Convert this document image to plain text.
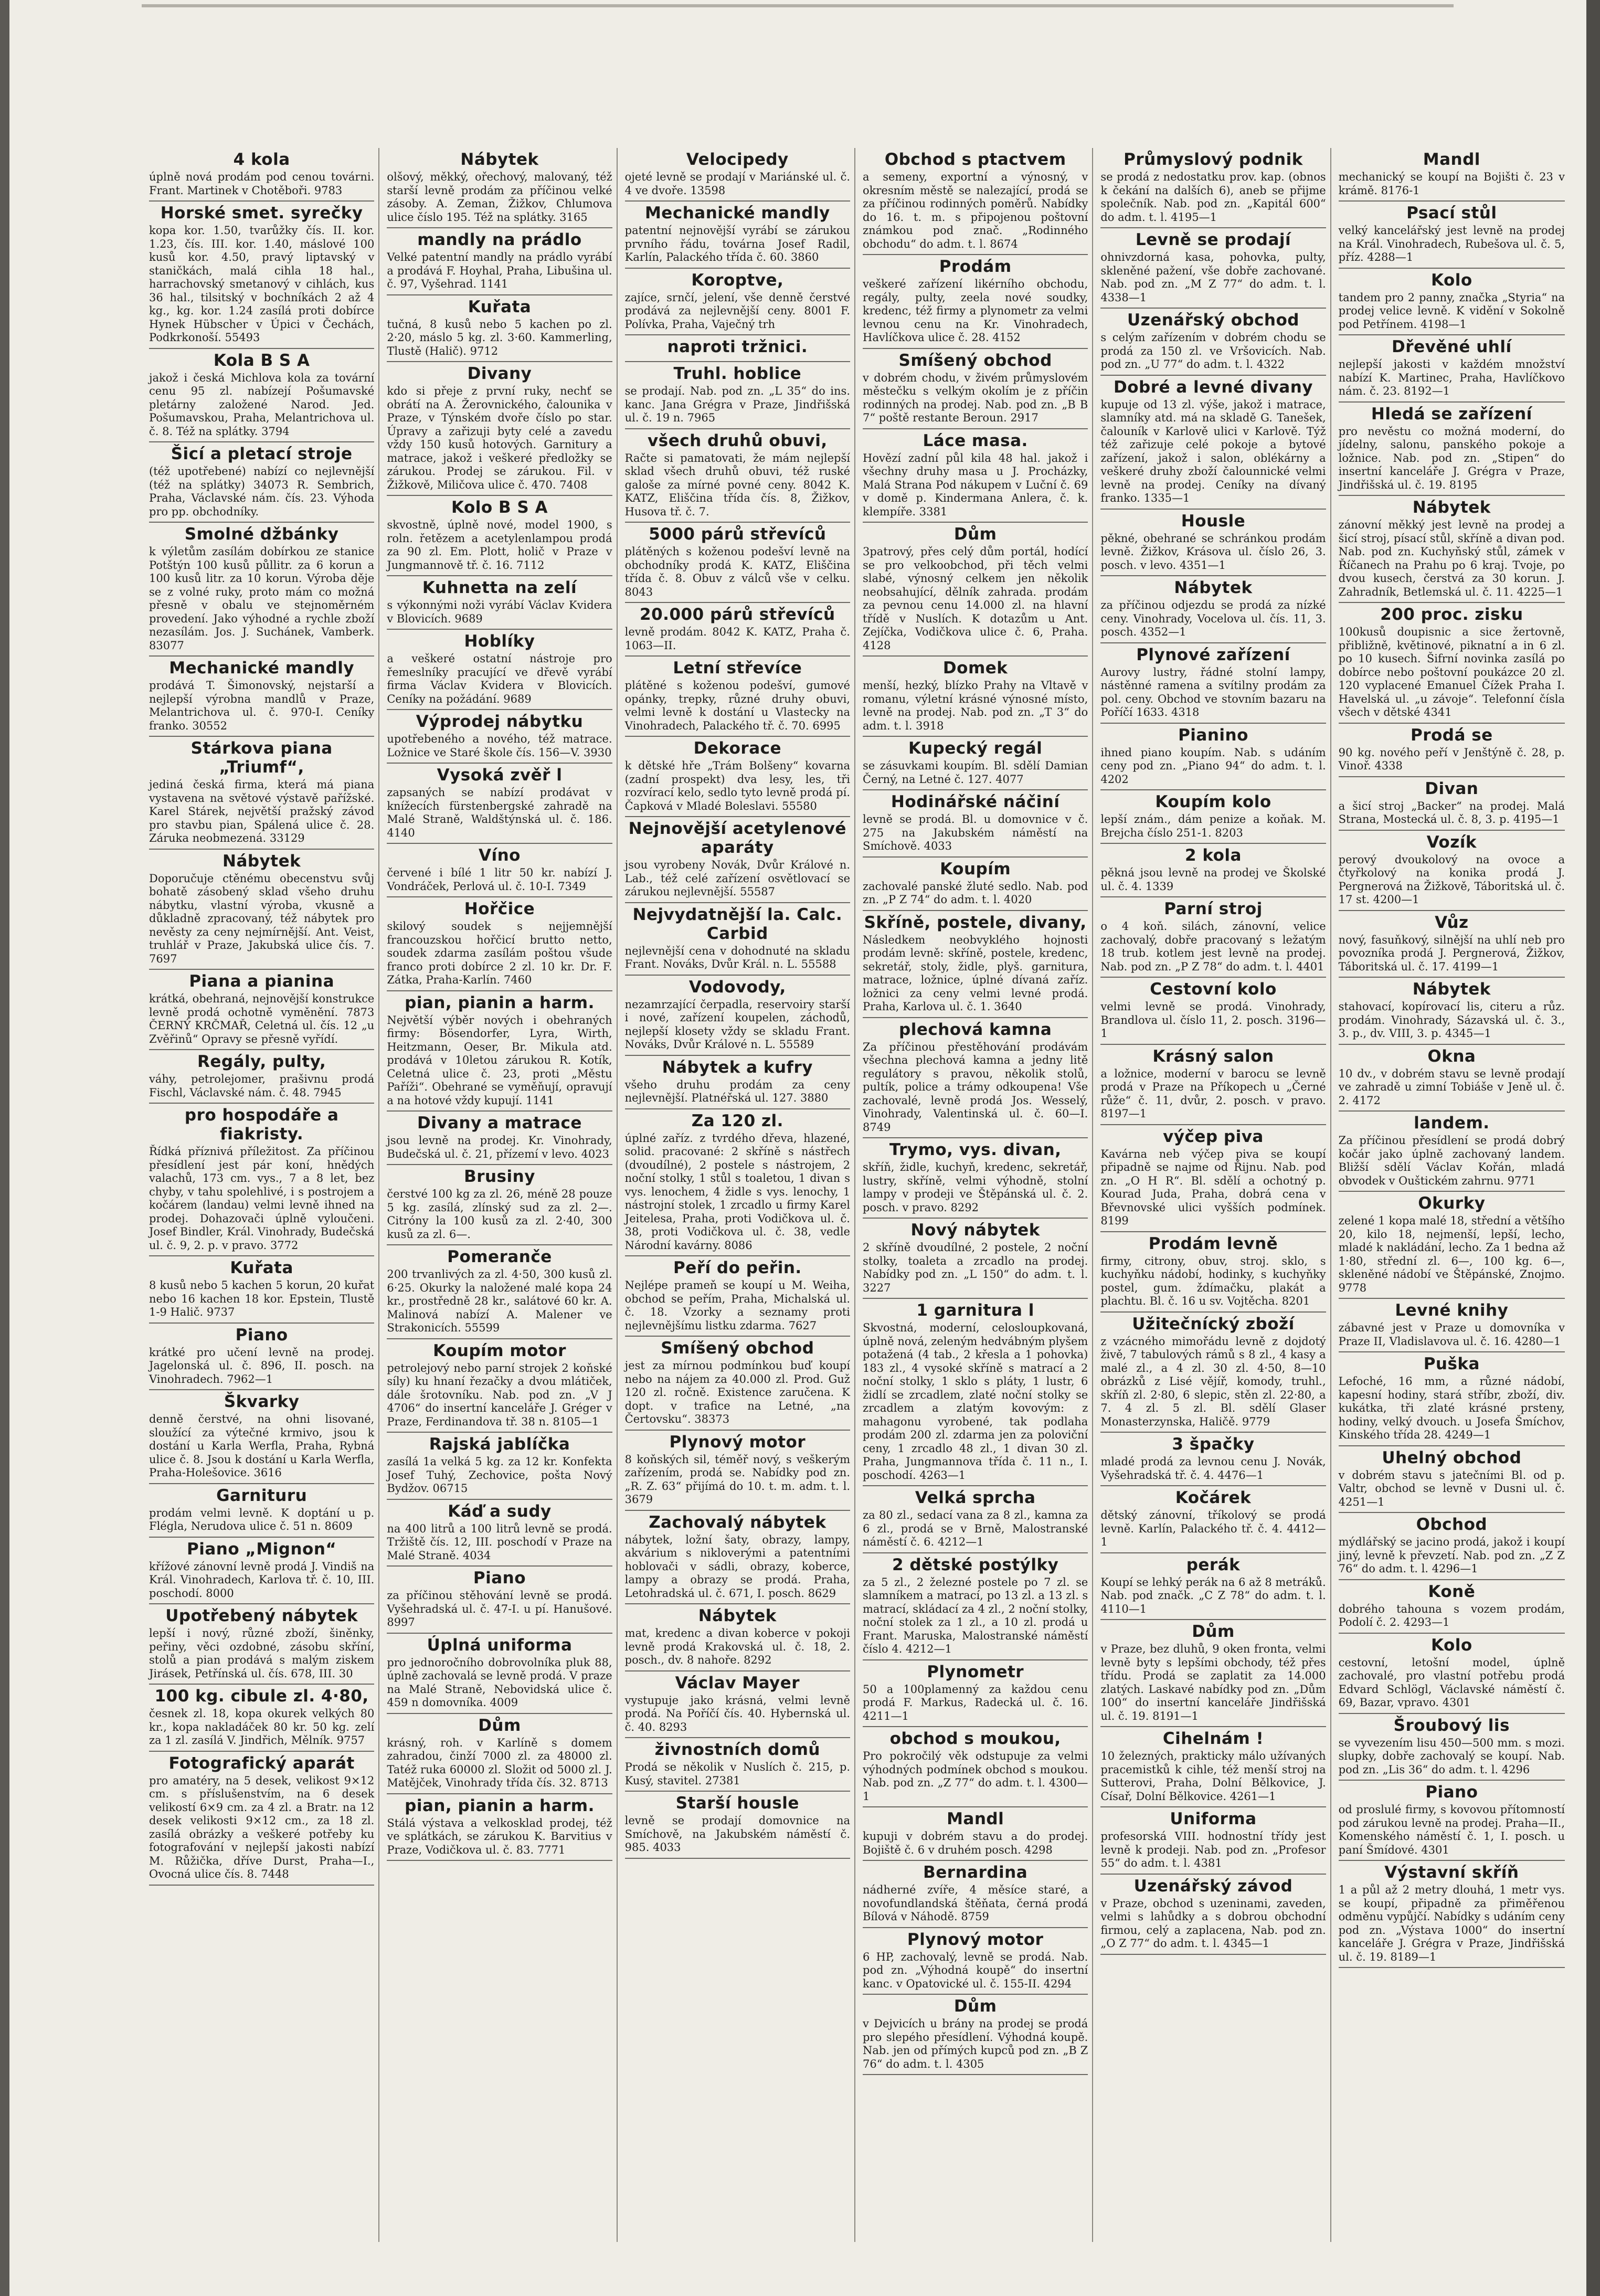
4 kola

úplně nová prodám pod cenou továrni. Frant. Martinek v Chotěboři. 9783

Horské smet. syrečky

kopa kor. 1.50, tvarůžky čís. II. kor. 1.23, čís. III. kor. 1.40, máslové 100 kusů kor. 4.50, pravý liptavský v staničkách, malá cihla 18 hal., harrachovský smetanový v cihlách, kus 36 hal., tilsitský v bochníkách 2 až 4 kg., kg. kor. 1.24 zasílá proti dobírce Hynek Hübscher v Úpici v Čechách, Podkrkonoší. 55493

Kola B S A

jakož i česká Michlova kola za tovární cenu 95 zl. nabízejí Pošumavské pletárny založené Narod. Jed. Pošumavskou, Praha, Melantrichova ul. č. 8. Též na splátky. 3794

Šicí a pletací stroje

(též upotřebené) nabízí co nejlevnější (též na splátky) 34073 R. Sembrich, Praha, Václavské nám. čís. 23. Výhoda pro pp. obchodníky.

Smolné džbánky

k výletům zasílám dobírkou ze stanice Potštýn 100 kusů půllitr. za 6 korun a 100 kusů litr. za 10 korun. Výroba děje se z volné ruky, proto mám co možná přesně v obalu ve stejnoměrném provedení. Jako výhodné a rychle zboží nezasílám. Jos. J. Suchánek, Vamberk. 83077

Mechanické mandly

prodává T. Šimonovský, nejstarší a nejlepší výrobna mandlů v Praze, Melantrichova ul. č. 970-I. Ceníky franko. 30552

Stárkova piana „Triumf“,

jediná česká firma, která má piana vystavena na světové výstavě pařížské. Karel Stárek, největší pražský závod pro stavbu pian, Spálená ulice č. 28. Záruka neobmezená. 33129

Nábytek

Doporučuje ctěnému obecenstvu svůj bohatě zásobený sklad všeho druhu nábytku, vlastní výroba, vkusně a důkladně zpracovaný, též nábytek pro nevěsty za ceny nejmírnější. Ant. Veist, truhlář v Praze, Jakubská ulice čís. 7. 7697

Piana a pianina

krátká, obehraná, nejnovější konstrukce levně prodá ochotně vyměnění. 7873 ČERNÝ KRČMAŘ, Celetná ul. čís. 12 „u Zvěřinů“ Opravy se přesně vyřídí.

Regály, pulty,

váhy, petrolejomer, prašivnu prodá Fischl, Václavské nám. č. 48. 7945

pro hospodáře a fiakristy.

Řídká příznivá příležitost. Za příčinou přesídlení jest pár koní, hnědých valachů, 173 cm. vys., 7 a 8 let, bez chyby, v tahu spolehlivé, i s postrojem a kočárem (landau) velmi levně ihned na prodej. Dohazovači úplně vyloučeni. Josef Bindler, Král. Vinohrady, Budečská ul. č. 9, 2. p. v pravo. 3772

Kuřata

8 kusů nebo 5 kachen 5 korun, 20 kuřat nebo 16 kachen 18 kor. Epstein, Tlustě 1-9 Halič. 9737

Piano

krátké pro učení levně na prodej. Jagelonská ul. č. 896, II. posch. na Vinohradech. 7962—1

Škvarky

denně čerstvé, na ohni lisované, sloužící za výtečné krmivo, jsou k dostání u Karla Werfla, Praha, Rybná ulice č. 8. Jsou k dostání u Karla Werfla, Praha-Holešovice. 3616

Garnituru

prodám velmi levně. K doptání u p. Flégla, Nerudova ulice č. 51 n. 8609

Piano „Mignon“

křížové zánovní levně prodá J. Vindiš na Král. Vinohradech, Karlova tř. č. 10, III. poschodí. 8000

Upotřebený nábytek

lepší i nový, různé zboží, šiněnky, peřiny, věci ozdobné, zásobu skříní, stolů a pian prodává s malým ziskem Jirásek, Petřínská ul. čís. 678, III. 30

100 kg. cibule zl. 4·80,

česnek zl. 18, kopa okurek velkých 80 kr., kopa nakladáček 80 kr. 50 kg. zelí za 1 zl. zasílá V. Jindřich, Mělník. 9757

Fotografický aparát

pro amatéry, na 5 desek, velikost 9×12 cm. s příslušenstvím, na 6 desek velikostí 6×9 cm. za 4 zl. a Bratr. na 12 desek velikosti 9×12 cm., za 18 zl. zasílá obrázky a veškeré potřeby ku fotografování v nejlepší jakosti nabízí M. Růžička, dříve Durst, Praha—I., Ovocná ulice čís. 8. 7448

Nábytek

olšový, měkký, ořechový, malovaný, též starší levně prodám za příčinou velké zásoby. A. Zeman, Žižkov, Chlumova ulice číslo 195. Též na splátky. 3165

mandly na prádlo

Velké patentní mandly na prádlo vyrábí a prodává F. Hoyhal, Praha, Libušina ul. č. 97, Vyšehrad. 1141

Kuřata

tučná, 8 kusů nebo 5 kachen po zl. 2·20, máslo 5 kg. zl. 3·60. Kammerling, Tlustě (Halič). 9712

Divany

kdo si přeje z první ruky, nechť se obrátí na A. Žerovnického, čalounika v Praze, v Týnském dvoře číslo po star. Úpravy a zařizuji byty celé a zavedu vždy 150 kusů hotových. Garnitury a matrace, jakož i veškeré předložky se zárukou. Prodej se zárukou. Fil. v Žižkově, Miličova ulice č. 470. 7408

Kolo B S A

skvostně, úplně nové, model 1900, s roln. řetězem a acetylenlampou prodá za 90 zl. Em. Plott, holič v Praze v Jungmannově tř. č. 16. 7112

Kuhnetta na zelí

s výkonnými noži vyrábí Václav Kvidera v Blovicích. 9689

Hoblíky

a veškeré ostatní nástroje pro řemeslníky pracující ve dřevě vyrábí firma Václav Kvidera v Blovicích. Ceníky na požádání. 9689

Výprodej nábytku

upotřebeného a nového, též matrace. Ložnice ve Staré škole čís. 156—V. 3930

Vysoká zvěř l

zapsaných se nabízí prodávat v knížecích fürstenbergské zahradě na Malé Straně, Waldštýnská ul. č. 186. 4140

Víno

červené i bílé 1 litr 50 kr. nabízí J. Vondráček, Perlová ul. č. 10-I. 7349

Hořčice

skilový soudek s nejjemnější francouzskou hořčicí brutto netto, soudek zdarma zasílám poštou všude franco proti dobírce 2 zl. 10 kr. Dr. F. Zátka, Praha-Karlín. 7460

pian, pianin a harm.

Největší výběr nových i obehraných firmy: Bösendorfer, Lyra, Wirth, Heitzmann, Oeser, Br. Mikula atd. prodává v 10letou zárukou R. Kotík, Celetná ulice č. 23, proti „Městu Paříži“. Obehrané se vyměňují, opravují a na hotové vždy kupují. 1141

Divany a matrace

jsou levně na prodej. Kr. Vinohrady, Budečská ul. č. 21, přízemí v levo. 4023

Brusiny

čerstvé 100 kg za zl. 26, méně 28 pouze 5 kg. zasílá, zlínský sud za zl. 2—. Citróny la 100 kusů za zl. 2·40, 300 kusů za zl. 6—.

Pomeranče

200 trvanlivých za zl. 4·50, 300 kusů zl. 6·25. Okurky la naložené malé kopa 24 kr., prostředně 28 kr., salátové 60 kr. A. Malinová nabízí A. Malener ve Strakonicích. 55599

Koupím motor

petrolejový nebo parní strojek 2 koňské síly) ku hnaní řezačky a dvou mlátiček, dále šrotovníku. Nab. pod zn. „V J 4706“ do insertní kanceláře J. Gréger v Praze, Ferdinandova tř. 38 n. 8105—1

Rajská jablíčka

zasílá 1a velká 5 kg. za 12 kr. Konfekta Josef Tuhý, Zechovice, pošta Nový Bydžov. 06715

Káď a sudy

na 400 litrů a 100 litrů levně se prodá. Tržiště čís. 12, III. poschodí v Praze na Malé Straně. 4034

Piano

za příčinou stěhování levně se prodá. Vyšehradská ul. č. 47-I. u pí. Hanušové. 8997

Úplná uniforma

pro jednoročního dobrovolníka pluk 88, úplně zachovalá se levně prodá. V praze na Malé Straně, Nebovidská ulice č. 459 n domovníka. 4009

Dům

krásný, roh. v Karlíně s domem zahradou, činží 7000 zl. za 48000 zl. Tatéž ruka 60000 zl. Složit od 5000 zl. J. Matějček, Vinohrady třída čís. 32. 8713

pian, pianin a harm.

Stálá výstava a velkosklad prodej, též ve splátkách, se zárukou K. Barvitius v Praze, Vodičkova ul. č. 83. 7771

Velocipedy

ojeté levně se prodají v Mariánské ul. č. 4 ve dvoře. 13598

Mechanické mandly

patentní nejnovější vyrábí se zárukou prvního řádu, továrna Josef Radil, Karlín, Palackého třída č. 60. 3860

Koroptve,

zajíce, srnčí, jelení, vše denně čerstvé prodává za nejlevnější ceny. 8001 F. Polívka, Praha, Vaječný trh

naproti tržnici.
Truhl. hoblice

se prodají. Nab. pod zn. „L 35“ do ins. kanc. Jana Grégra v Praze, Jindřišská ul. č. 19 n. 7965

všech druhů obuvi,

Račte si pamatovati, že mám nejlepší sklad všech druhů obuvi, též ruské galoše za mírné povné ceny. 8042 K. KATZ, Eliščina třída čís. 8, Žižkov, Husova tř. č. 7.

5000 párů střevíců

plátěných s koženou podešví levně na obchodníky prodá K. KATZ, Eliščina třída č. 8. Obuv z válců vše v celku. 8043

20.000 párů střevíců

levně prodám. 8042 K. KATZ, Praha č. 1063—II.

Letní střevíce

plátěné s koženou podešví, gumové opánky, trepky, různé druhy obuvi, velmi levně k dostání u Vlastecky na Vinohradech, Palackého tř. č. 70. 6995

Dekorace

k dětské hře „Trám Bolšeny“ kovarna (zadní prospekt) dva lesy, les, tři rozvírací kelo, sedlo tyto levně prodá pí. Čapková v Mladé Boleslavi. 55580

Nejnovější acetylenové aparáty

jsou vyrobeny Novák, Dvůr Králové n. Lab., též celé zařízení osvětlovací se zárukou nejlevnější. 55587

Nejvydatnější la. Calc. Carbid

nejlevnější cena v dohodnuté na skladu Frant. Nováks, Dvůr Král. n. L. 55588

Vodovody,

nezamrzající čerpadla, reservoiry starší i nové, zařízení koupelen, záchodů, nejlepší klosety vždy se skladu Frant. Nováks, Dvůr Králové n. L. 55589

Nábytek a kufry

všeho druhu prodám za ceny nejlevnější. Platnéřská ul. 127. 3880

Za 120 zl.

úplné zaříz. z tvrdého dřeva, hlazené, solid. pracované: 2 skříně s nástřech (dvoudílné), 2 postele s nástrojem, 2 noční stolky, 1 stůl s toaletou, 1 divan s vys. lenochem, 4 židle s vys. lenochy, 1 nástrojní stolek, 1 zrcadlo u firmy Karel Jeitelesa, Praha, proti Vodičkova ul. č. 38, proti Vodičkova ul. č. 38, vedle Národní kavárny. 8086

Peří do peřin.

Nejlépe prameň se koupí u M. Weiha, obchod se peřím, Praha, Michalská ul. č. 18. Vzorky a seznamy proti nejlevnějšímu listku zdarma. 7627

Smíšený obchod

jest za mírnou podmínkou buď koupí nebo na nájem za 40.000 zl. Prod. Guž 120 zl. ročně. Existence zaručena. K dopt. v trafice na Letné, „na Čertovsku“. 38373

Plynový motor

8 koňských sil, téměř nový, s veškerým zařízením, prodá se. Nabídky pod zn. „R. Z. 63“ přijímá do 10. t. m. adm. t. l. 3679

Zachovalý nábytek

nábytek, ložní šaty, obrazy, lampy, akvárium s nikloverými a patentními hoblovači v sádli, obrazy, koberce, lampy a obrazy se prodá. Praha, Letohradská ul. č. 671, I. posch. 8629

Nábytek

mat, kredenc a divan koberce v pokoji levně prodá Krakovská ul. č. 18, 2. posch., dv. 8 nahoře. 8292

Václav Mayer

vystupuje jako krásná, velmi levně prodá. Na Poříčí čís. 40. Hybernská ul. č. 40. 8293

živnostních domů

Prodá se několik v Nuslích č. 215, p. Kusý, stavitel. 27381

Starší housle

levně se prodají domovnice na Smíchově, na Jakubském náměstí č. 985. 4033

Obchod s ptactvem

a semeny, exportní a výnosný, v okresním městě se nalezající, prodá se za příčinou rodinných poměrů. Nabídky do 16. t. m. s připojenou poštovní známkou pod znač. „Rodinného obchodu“ do adm. t. l. 8674

Prodám

veškeré zařízení likérního obchodu, regály, pulty, zeela nové soudky, kredenc, též firmy a plynometr za velmi levnou cenu na Kr. Vinohradech, Havlíčkova ulice č. 28. 4152

Smíšený obchod

v dobrém chodu, v živém průmyslovém městečku s velkým okolím je z příčin rodinných na prodej. Nab. pod zn. „B B 7“ poště restante Beroun. 2917

Láce masa.

Hovězí zadní půl kila 48 hal. jakož i všechny druhy masa u J. Procházky, Malá Strana Pod nákupem v Luční č. 69 v domě p. Kindermana Anlera, č. k. klempíře. 3381

Dům

3patrový, přes celý dům portál, hodící se pro velkoobchod, při těch velmi slabé, výnosný celkem jen několik neobsahující, dělník zahrada. prodám za pevnou cenu 14.000 zl. na hlavní třídě v Nuslích. K dotazům u Ant. Zejíčka, Vodičkova ulice č. 6, Praha. 4128

Domek

menší, hezký, blízko Prahy na Vltavě v romanu, výletní krásné výnosné místo, levně na prodej. Nab. pod zn. „T 3“ do adm. t. l. 3918

Kupecký regál

se zásuvkami koupím. Bl. sdělí Damian Černý, na Letné č. 127. 4077

Hodinářské náčiní

levně se prodá. Bl. u domovnice v č. 275 na Jakubském náměstí na Smíchově. 4033

Koupím

zachovalé panské žluté sedlo. Nab. pod zn. „P Z 74“ do adm. t. l. 4020

Skříně, postele, divany,

Následkem neobvyklého hojnosti prodám levně: skříně, postele, kredenc, sekretář, stoly, židle, plyš. garnitura, matrace, ložnice, úplné dívaná zaříz. ložnici za ceny velmi levné prodá. Praha, Karlova ul. č. 1. 3640

plechová kamna

Za příčinou přestěhování prodávám všechna plechová kamna a jedny litě regulátory s pravou, několik stolů, pultík, police a trámy odkoupena! Vše zachovalé, levně prodá Jos. Wesselý, Vinohrady, Valentinská ul. č. 60—I. 8749

Trymo, vys. divan,

skříň, židle, kuchyň, kredenc, sekretář, lustry, skříně, velmi výhodně, stolní lampy v prodeji ve Štěpánská ul. č. 2. posch. v pravo. 8292

Nový nábytek

2 skříně dvoudílné, 2 postele, 2 noční stolky, toaleta a zrcadlo na prodej. Nabídky pod zn. „L 150“ do adm. t. l. 3227

1 garnitura l

Skvostná, moderní, celosloupkovaná, úplně nová, zeleným hedvábným plyšem potažená (4 tab., 2 křesla a 1 pohovka) 183 zl., 4 vysoké skříně s matrací a 2 noční stolky, 1 sklo s pláty, 1 lustr, 6 židlí se zrcadlem, zlaté noční stolky se zrcadlem a zlatým kovovým: z mahagonu vyrobené, tak podlaha prodám 200 zl. zdarma jen za poloviční ceny, 1 zrcadlo 48 zl., 1 divan 30 zl. Praha, Jungmannova třída č. 11 n., I. poschodí. 4263—1

Velká sprcha

za 80 zl., sedací vana za 8 zl., kamna za 6 zl., prodá se v Brně, Malostranské náměstí č. 6. 4212—1

2 dětské postýlky

za 5 zl., 2 železné postele po 7 zl. se slamníkem a matrací, po 13 zl. a 13 zl. s matrací, skládací za 4 zl., 2 noční stolky, noční stolek za 1 zl., a 10 zl. prodá u Frant. Maruska, Malostranské náměstí číslo 4. 4212—1

Plynometr

50 a 100plamenný za každou cenu prodá F. Markus, Radecká ul. č. 16. 4211—1

obchod s moukou,

Pro pokročilý věk odstupuje za velmi výhodných podmínek obchod s moukou. Nab. pod zn. „Z 77“ do adm. t. l. 4300—1

Mandl

kupuji v dobrém stavu a do prodej. Bojiště č. 6 v druhém posch. 4298

Bernardina

nádherné zvíře, 4 měsíce staré, a novofundlandská štěňata, černá prodá Bílová v Náhodě. 8759

Plynový motor

6 HP, zachovalý, levně se prodá. Nab. pod zn. „Výhodná koupě“ do insertní kanc. v Opatovické ul. č. 155-II. 4294

Dům

v Dejvicích u brány na prodej se prodá pro slepého přesídlení. Výhodná koupě. Nab. jen od přímých kupců pod zn. „B Z 76“ do adm. t. l. 4305

Průmyslový podnik

se prodá z nedostatku prov. kap. (obnos k čekání na dalších 6), aneb se přijme společník. Nab. pod zn. „Kapitál 600“ do adm. t. l. 4195—1

Levně se prodají

ohnivzdorná kasa, pohovka, pulty, skleněné pažení, vše dobře zachované. Nab. pod zn. „M Z 77“ do adm. t. l. 4338—1

Uzenářský obchod

s celým zařízením v dobrém chodu se prodá za 150 zl. ve Vršovicích. Nab. pod zn. „U 77“ do adm. t. l. 4322

Dobré a levné divany

kupuje od 13 zl. výše, jakož i matrace, slamníky atd. má na skladě G. Tanešek, čalouník v Karlově ulici v Karlově. Týž též zařizuje celé pokoje a bytové zařízení, jakož i salon, oblékárny a veškeré druhy zboží čalounnické velmi levně na prodej. Ceníky na dívaný franko. 1335—1

Housle

pěkné, obehrané se schránkou prodám levně. Žižkov, Krásova ul. číslo 26, 3. posch. v levo. 4351—1

Nábytek

za příčinou odjezdu se prodá za nízké ceny. Vinohrady, Vocelova ul. čís. 11, 3. posch. 4352—1

Plynové zařízení

Aurovy lustry, řádné stolní lampy, nástěnné ramena a svítilny prodám za pol. ceny. Obchod ve stovním bazaru na Poříčí 1633. 4318

Pianino

ihned piano koupím. Nab. s udáním ceny pod zn. „Piano 94“ do adm. t. l. 4202

Koupím kolo

lepší znám., dám penize a koňak. M. Brejcha číslo 251-1. 8203

2 kola

pěkná jsou levně na prodej ve Školské ul. č. 4. 1339

Parní stroj

o 4 koň. silách, zánovní, velice zachovalý, dobře pracovaný s ležatým 18 trub. kotlem jest levně na prodej. Nab. pod zn. „P Z 78“ do adm. t. l. 4401

Cestovní kolo

velmi levně se prodá. Vinohrady, Brandlova ul. číslo 11, 2. posch. 3196—1

Krásný salon

a ložnice, moderní v barocu se levně prodá v Praze na Příkopech u „Černé růže“ č. 11, dvůr, 2. posch. v pravo. 8197—1

výčep piva

Kavárna neb výčep piva se koupí připadně se najme od Řijnu. Nab. pod zn. „O H R“. Bl. sdělí a ochotný p. Kourad Juda, Praha, dobrá cena v Břevnovské ulici vyšších podmínek. 8199

Prodám levně

firmy, citrony, obuv, stroj. sklo, s kuchyňku nádobí, hodinky, s kuchyňky postel, gum. ždímačku, plakát a plachtu. Bl. č. 16 u sv. Vojtěcha. 8201

Užitečnícký zboží

z vzácného mimořádu levně z dojdotý živě, 7 tabulových rámů s 8 zl., 4 kasy a malé zl., a 4 zl. 30 zl. 4·50, 8—10 obrázků z Lisé vějíř, komody, truhl., skříň zl. 2·80, 6 slepic, stěn zl. 22·80, a 7. 4 zl. 5 zl. Bl. sdělí Glaser Monasterzynska, Haličě. 9779

3 špačky

mladé prodá za levnou cenu J. Novák, Vyšehradská tř. č. 4. 4476—1

Kočárek

dětský zánovní, tříkolový se prodá levně. Karlín, Palackého tř. č. 4. 4412—1

perák

Koupí se lehký perák na 6 až 8 metráků. Nab. pod značk. „C Z 78“ do adm. t. l. 4110—1

Dům

v Praze, bez dluhů, 9 oken fronta, velmi levně byty s lepšími obchody, též přes třídu. Prodá se zaplatit za 14.000 zlatých. Laskavé nabídky pod zn. „Dům 100“ do insertní kanceláře Jindřišská ul. č. 19. 8191—1

Cihelnám !

10 železných, prakticky málo užívaných pracemistků k cihle, též menší stroj na Sutterovi, Praha, Dolní Bělkovice, J. Císař, Dolní Bělkovice. 4261—1

Uniforma

profesorská VIII. hodnostní třídy jest levně k prodeji. Nab. pod zn. „Profesor 55“ do adm. t. l. 4381

Uzenářský závod

v Praze, obchod s uzeninami, zaveden, velmi s lahůdky a s dobrou obchodní firmou, celý a zaplacena, Nab. pod zn. „O Z 77“ do adm. t. l. 4345—1

Mandl

mechanický se koupí na Bojišti č. 23 v krámě. 8176-1

Psací stůl

velký kancelářský jest levně na prodej na Král. Vinohradech, Rubešova ul. č. 5, příz. 4288—1

Kolo

tandem pro 2 panny, značka „Styria“ na prodej velice levně. K vidění v Sokolně pod Petřínem. 4198—1

Dřevěné uhlí

nejlepší jakosti v každém množství nabízí K. Martinec, Praha, Havlíčkovo nám. č. 23. 8192—1

Hledá se zařízení

pro nevěstu co možná moderní, do jídelny, salonu, panského pokoje a ložnice. Nab. pod zn. „Stipen“ do insertní kanceláře J. Grégra v Praze, Jindřišská ul. č. 19. 8195

Nábytek

zánovní měkký jest levně na prodej a šicí stroj, písací stůl, skříně a divan pod. Nab. pod zn. Kuchyňský stůl, zámek v Říčanech na Prahu po 6 kraj. Tvoje, po dvou kusech, čerstvá za 30 korun. J. Zahradník, Betlemská ul. č. 11. 4225—1

200 proc. zisku

100kusů doupisnic a sice žertovně, přibližně, květinové, piknatní a in 6 zl. po 10 kusech. Šifrní novinka zasílá po dobírce nebo poštovní poukázce 20 zl. 120 vyplacené Emanuel Čížek Praha I. Havelská ul. „u závoje“. Telefonní čísla všech v dětské 4341

Prodá se

90 kg. nového peří v Jenštýně č. 28, p. Vinoř. 4338

Divan

a šicí stroj „Backer“ na prodej. Malá Strana, Mostecká ul. č. 8, 3. p. 4195—1

Vozík

perový dvoukolový na ovoce a čtyřkolový na konika prodá J. Pergnerová na Žižkově, Táboritská ul. č. 17 st. 4200—1

Vůz

nový, fasuňkový, silnější na uhlí neb pro povozníka prodá J. Pergnerová, Žižkov, Táboritská ul. č. 17. 4199—1

Nábytek

stahovací, kopírovací lis, citeru a růz. prodám. Vinohrady, Sázavská ul. č. 3., 3. p., dv. VIII, 3. p. 4345—1

Okna

10 dv., v dobrém stavu se levně prodají ve zahradě u zimní Tobiáše v Jeně ul. č. 2. 4172

landem.

Za příčinou přesídlení se prodá dobrý kočár jako úplně zachovaný landem. Bližší sdělí Václav Kořán, mladá obvodek v Ouštickém zahrnu. 9771

Okurky

zelené 1 kopa malé 18, střední a většího 20, kilo 18, nejmenší, lepší, lecho, mladé k nakládání, lecho. Za 1 bedna až 1·80, střední zl. 6—, 100 kg. 6—, skleněné nádobí ve Štěpánské, Znojmo. 9778

Levné knihy

zábavné jest v Praze u domovníka v Praze II, Vladislavova ul. č. 16. 4280—1

Puška

Lefoché, 16 mm, a různé nádobí, kapesní hodiny, stará stříbr, zboží, div. kukátka, tři zlaté krásné prsteny, hodiny, velký dvouch. u Josefa Šmíchov, Kinského třída 28. 4249—1

Uhelný obchod

v dobrém stavu s jatečními Bl. od p. Valtr, obchod se levně v Dusni ul. č. 4251—1

Obchod

mýdlářský se jacino prodá, jakož i koupí jiný, levně k převzetí. Nab. pod zn. „Z Z 76“ do adm. t. l. 4296—1

Koně

dobrého tahouna s vozem prodám, Podolí č. 2. 4293—1

Kolo

cestovní, letošní model, úplně zachovalé, pro vlastní potřebu prodá Edvard Schlögl, Václavské náměstí č. 69, Bazar, vpravo. 4301

Šroubový lis

se vyvezením lisu 450—500 mm. s mozi. slupky, dobře zachovalý se koupí. Nab. pod zn. „Lis 36“ do adm. t. l. 4296

Piano

od proslulé firmy, s kovovou přítomností pod zárukou levně na prodej. Praha—II., Komenského náměstí č. 1, I. posch. u paní Šmídové. 4301

Výstavní skříň

1 a půl až 2 metry dlouhá, 1 metr vys. se koupí, připadně za přiměřenou odměnu vypůjčí. Nabídky s udáním ceny pod zn. „Výstava 1000“ do insertní kanceláře J. Grégra v Praze, Jindřišská ul. č. 19. 8189—1
